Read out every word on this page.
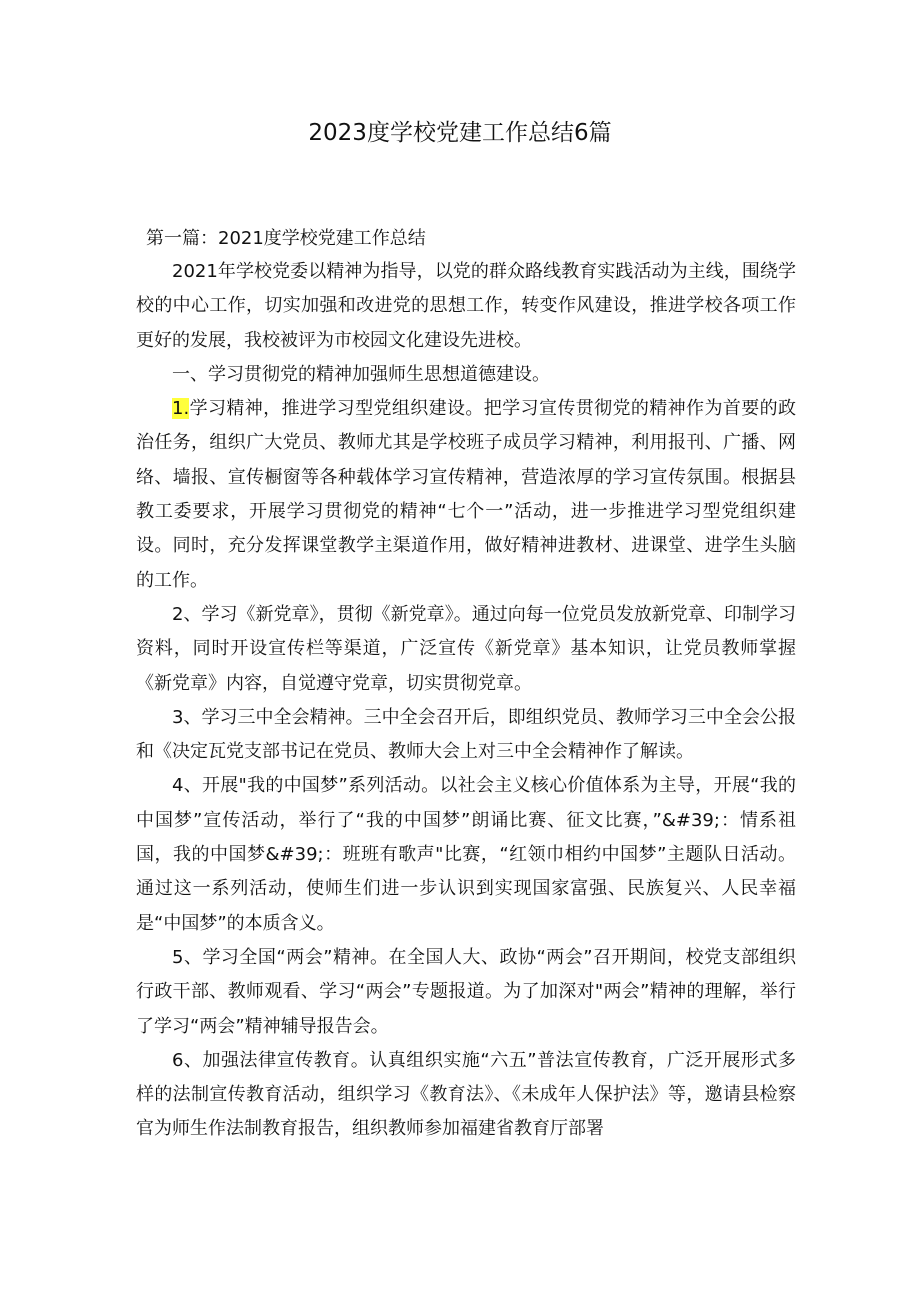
2023度学校党建工作总结6篇

第一篇：2021度学校党建工作总结

2021年学校党委以精神为指导，以党的群众路线教育实践活动为主线，围绕学校的中心工作，切实加强和改进党的思想工作，转变作风建设，推进学校各项工作更好的发展，我校被评为市校园文化建设先进校。

一、学习贯彻党的精神加强师生思想道德建设。

1.学习精神，推进学习型党组织建设。把学习宣传贯彻党的精神作为首要的政治任务，组织广大党员、教师尤其是学校班子成员学习精神，利用报刊、广播、网络、墙报、宣传橱窗等各种载体学习宣传精神，营造浓厚的学习宣传氛围。根据县教工委要求，开展学习贯彻党的精神“七个一”活动，进一步推进学习型党组织建设。同时，充分发挥课堂教学主渠道作用，做好精神进教材、进课堂、进学生头脑的工作。

2、学习《新党章》，贯彻《新党章》。通过向每一位党员发放新党章、印制学习资料，同时开设宣传栏等渠道，广泛宣传《新党章》基本知识，让党员教师掌握《新党章》内容，自觉遵守党章，切实贯彻党章。

3、学习三中全会精神。三中全会召开后，即组织党员、教师学习三中全会公报和《决定瓦党支部书记在党员、教师大会上对三中全会精神作了解读。

4、开展"我的中国梦”系列活动。以社会主义核心价值体系为主导，开展“我的中国梦”宣传活动，举行了“我的中国梦”朗诵比赛、征文比赛，”&#39;：情系祖国，我的中国梦&#39;：班班有歌声"比赛，“红领巾相约中国梦”主题队日活动。通过这一系列活动，使师生们进一步认识到实现国家富强、民族复兴、人民幸福是“中国梦”的本质含义。

5、学习全国“两会”精神。在全国人大、政协“两会”召开期间，校党支部组织行政干部、教师观看、学习“两会”专题报道。为了加深对"两会”精神的理解，举行了学习“两会”精神辅导报告会。

6、加强法律宣传教育。认真组织实施“六五”普法宣传教育，广泛开展形式多样的法制宣传教育活动，组织学习《教育法》、《未成年人保护法》等，邀请县检察官为师生作法制教育报告，组织教师参加福建省教育厅部署
